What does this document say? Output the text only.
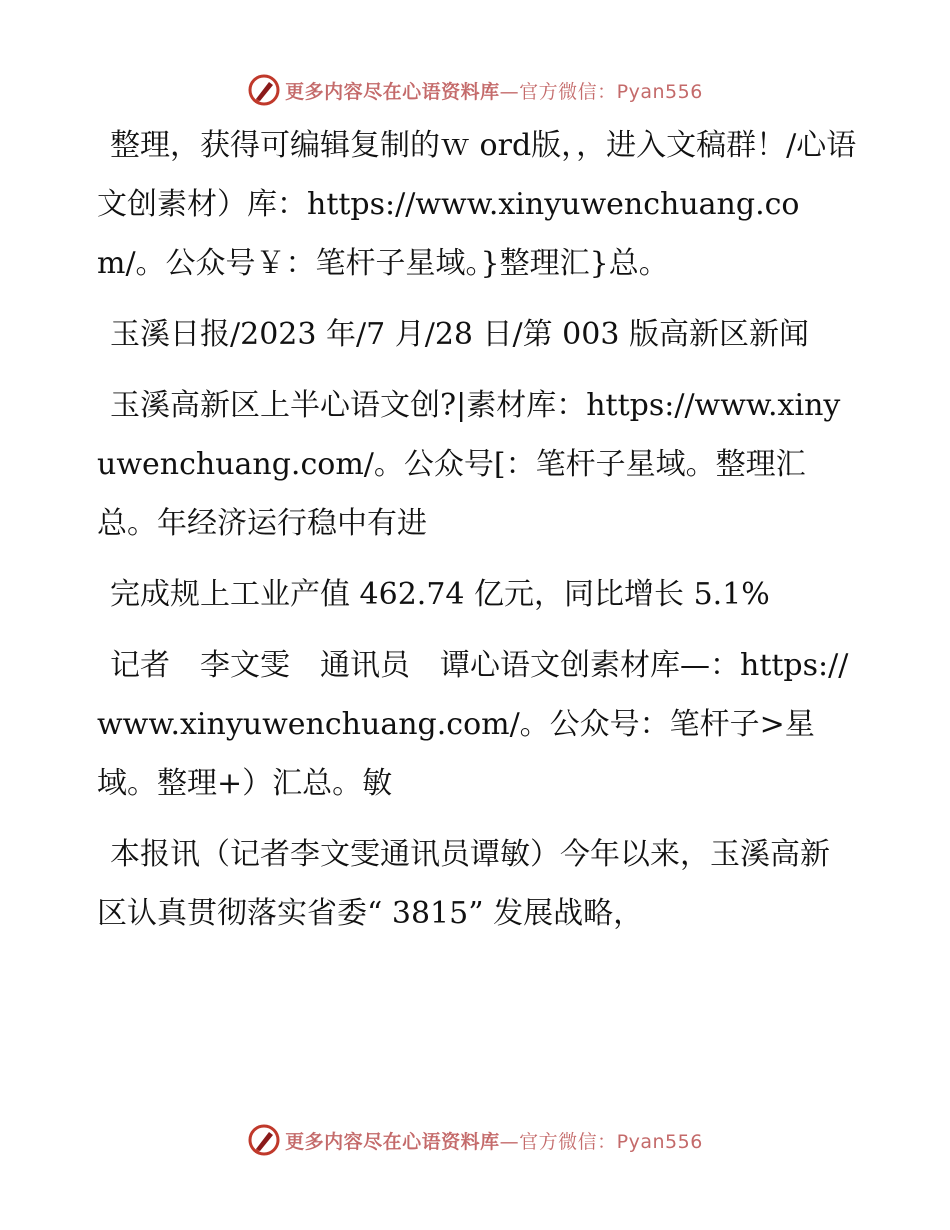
更多内容尽在心语资料库—官方微信：Pyan556

整理，获得可编辑复制的ｗ ord版，，进入文稿群！/心语文创素材）库：https://www.xinyuwenchuang.com/。公众号￥：笔杆子星域。}整理汇}总。

玉溪日报/2023 年/7 月/28 日/第 003 版高新区新闻

玉溪高新区上半心语文创?|素材库：https://www.xinyuwenchuang.com/。公众号[：笔杆子星域。整理汇总。年经济运行稳中有进

完成规上工业产值 462.74 亿元，同比增长 5.1%

记者　李文雯　通讯员　谭心语文创素材库—：https://www.xinyuwenchuang.com/。公众号：笔杆子>星域。整理+）汇总。敏

本报讯（记者李文雯通讯员谭敏）今年以来，玉溪高新区认真贯彻落实省委“ 3815” 发展战略，

更多内容尽在心语资料库—官方微信：Pyan556
